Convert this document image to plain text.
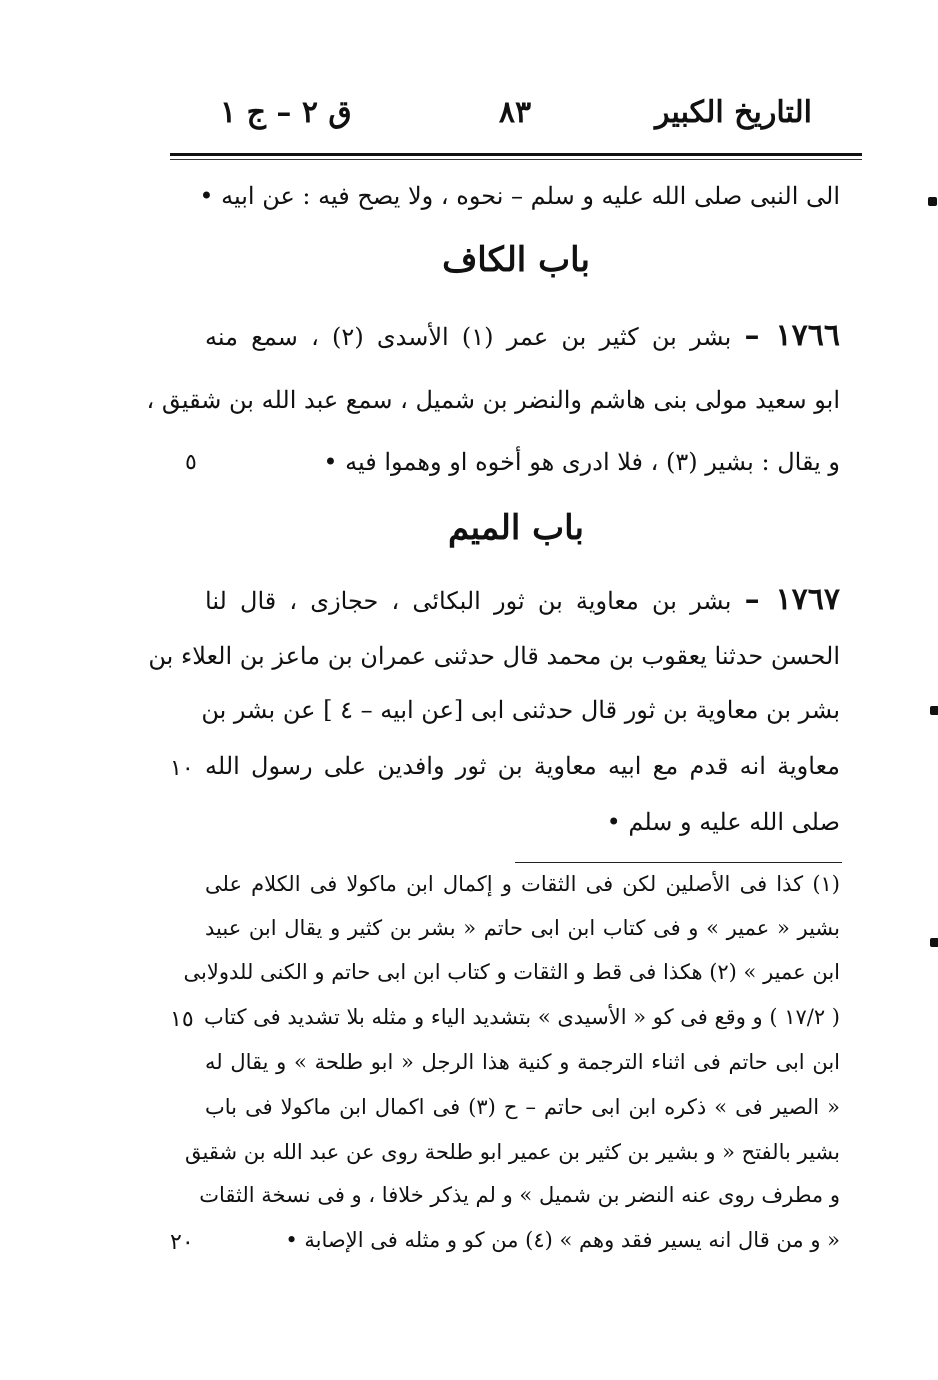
التاريخ الكبير
٨٣
ق ٢ – ج ١
الى النبى صلى الله عليه و سلم – نحوه ، ولا يصح فيه : عن ابيه •
باب الكاف
١٧٦٦ – بشر بن كثير بن عمر (١) الأسدى (٢) ، سمع منه
ابو سعيد مولى بنى هاشم والنضر بن شميل ، سمع عبد الله بن شقيق ،
و يقال : بشير (٣) ، فلا ادرى هو أخوه او وهموا فيه •
٥
باب الميم
١٧٦٧ – بشر بن معاوية بن ثور البكائى ، حجازى ، قال لنا
الحسن حدثنا يعقوب بن محمد قال حدثنى عمران بن ماعز بن العلاء بن
بشر بن معاوية بن ثور قال حدثنى ابى [عن ابيه – ٤ ] عن بشر بن
معاوية انه قدم مع ابيه معاوية بن ثور وافدين على رسول الله
١٠
صلى الله عليه و سلم •
(١) كذا فى الأصلين لكن فى الثقات و إكمال ابن ماكولا فى الكلام على
بشير « عمير » و فى كتاب ابن ابى حاتم « بشر بن كثير و يقال ابن عبيد
ابن عمير » (٢) هكذا فى قط و الثقات و كتاب ابن ابى حاتم و الكنى للدولابى
( ١٧/٢ ) و وقع فى كو « الأسيدى » بتشديد الياء و مثله بلا تشديد فى كتاب
١٥
ابن ابى حاتم فى اثناء الترجمة و كنية هذا الرجل « ابو طلحة » و يقال له
« الصير فى » ذكره ابن ابى حاتم – ح (٣) فى اكمال ابن ماكولا فى باب
بشير بالفتح « و بشير بن كثير بن عمير ابو طلحة روى عن عبد الله بن شقيق
و مطرف روى عنه النضر بن شميل » و لم يذكر خلافا ، و فى نسخة الثقات
« و من قال انه يسير فقد وهم » (٤) من كو و مثله فى الإصابة •
٢٠
